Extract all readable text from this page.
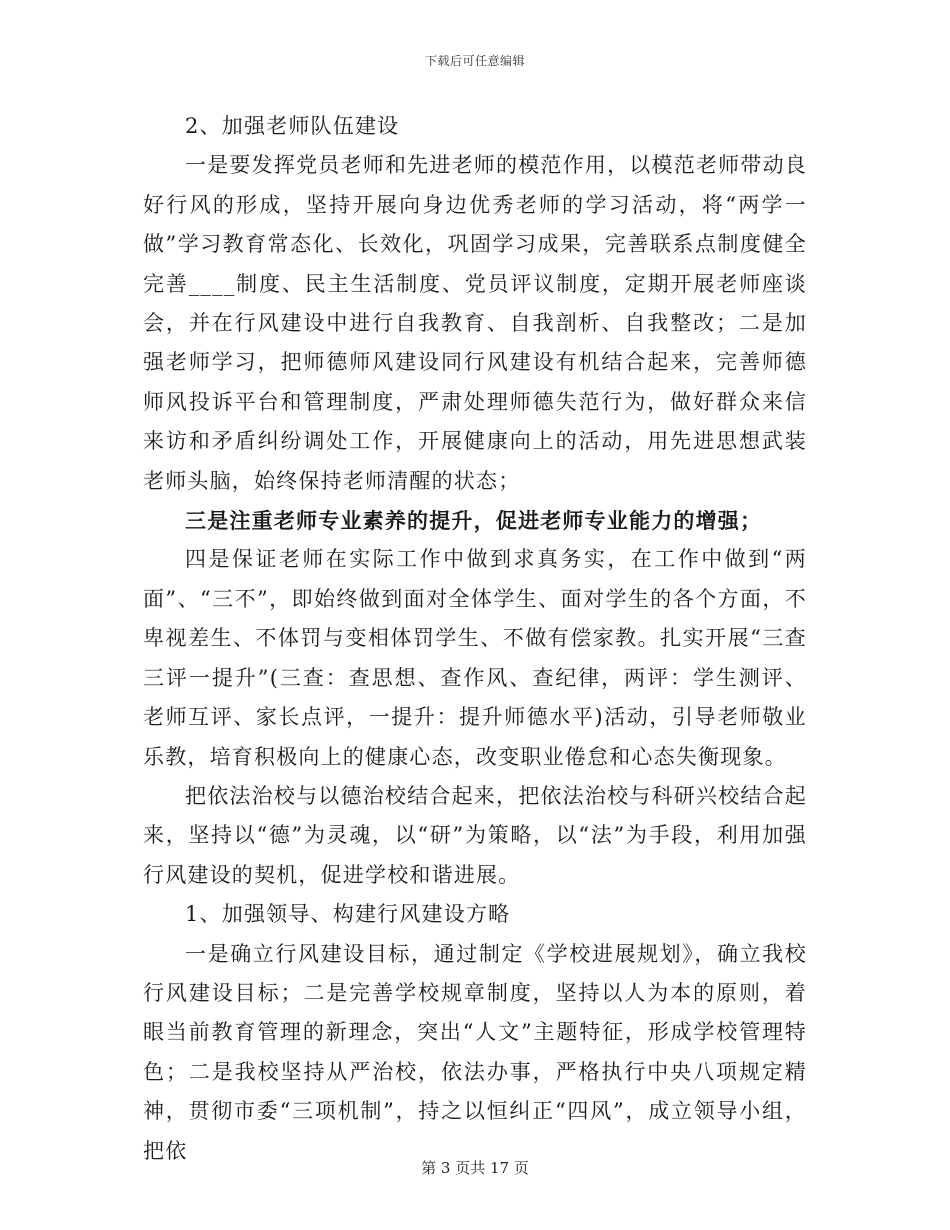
下载后可任意编辑

2、加强老师队伍建设

一是要发挥党员老师和先进老师的模范作用，以模范老师带动良好行风的形成，坚持开展向身边优秀老师的学习活动，将“两学一做”学习教育常态化、长效化，巩固学习成果，完善联系点制度健全完善____制度、民主生活制度、党员评议制度，定期开展老师座谈会，并在行风建设中进行自我教育、自我剖析、自我整改；二是加强老师学习，把师德师风建设同行风建设有机结合起来，完善师德师风投诉平台和管理制度，严肃处理师德失范行为，做好群众来信来访和矛盾纠纷调处工作，开展健康向上的活动，用先进思想武装老师头脑，始终保持老师清醒的状态；

三是注重老师专业素养的提升，促进老师专业能力的增强；

四是保证老师在实际工作中做到求真务实，在工作中做到“两面”、“三不”，即始终做到面对全体学生、面对学生的各个方面，不卑视差生、不体罚与变相体罚学生、不做有偿家教。扎实开展“三查三评一提升”(三查：查思想、查作风、查纪律，两评：学生测评、老师互评、家长点评，一提升：提升师德水平)活动，引导老师敬业乐教，培育积极向上的健康心态，改变职业倦怠和心态失衡现象。

把依法治校与以德治校结合起来，把依法治校与科研兴校结合起来，坚持以“德”为灵魂，以“研”为策略，以“法”为手段，利用加强行风建设的契机，促进学校和谐进展。

1、加强领导、构建行风建设方略

一是确立行风建设目标，通过制定《学校进展规划》，确立我校行风建设目标；二是完善学校规章制度，坚持以人为本的原则，着眼当前教育管理的新理念，突出“人文”主题特征，形成学校管理特色；二是我校坚持从严治校，依法办事，严格执行中央八项规定精神，贯彻市委“三项机制”，持之以恒纠正“四风”，成立领导小组，把依

第 3 页共 17 页
